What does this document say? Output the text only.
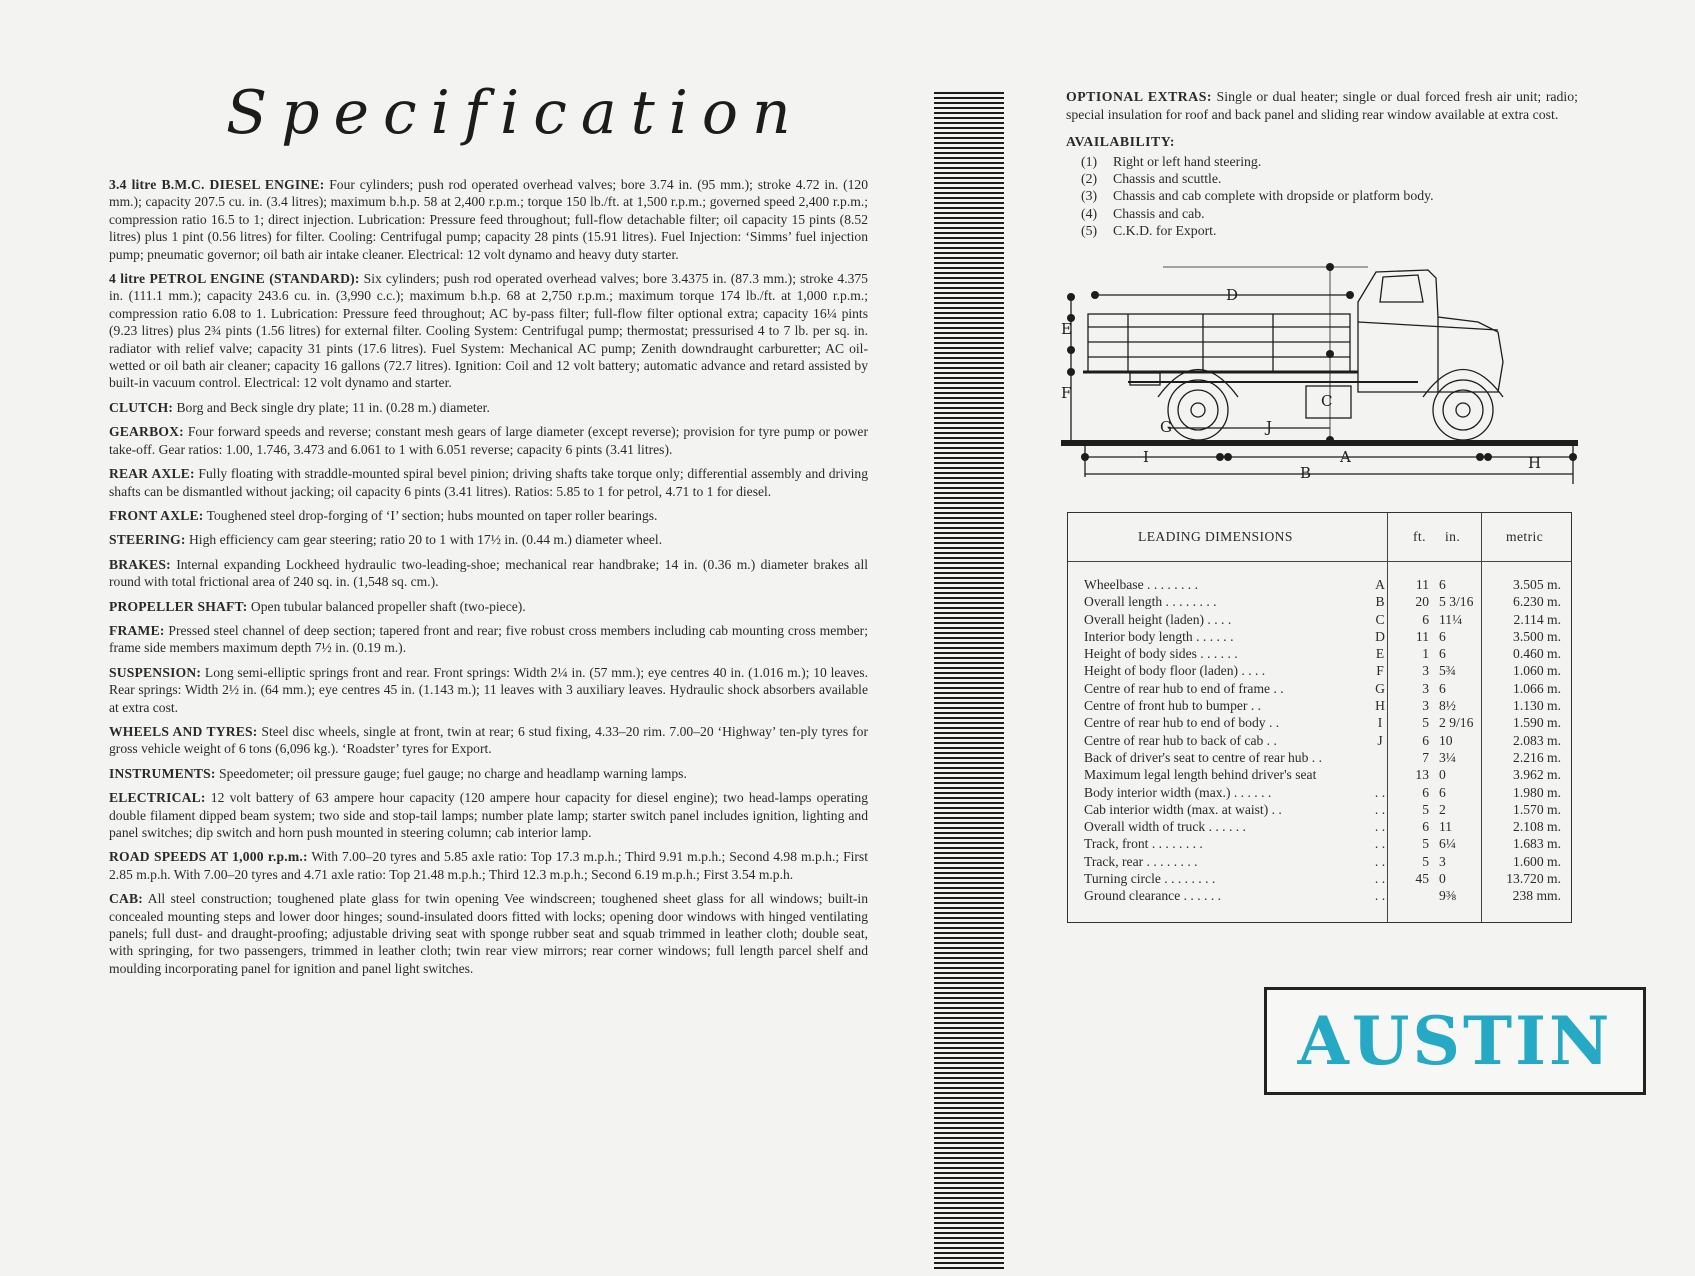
Specification

3.4 litre B.M.C. DIESEL ENGINE: Four cylinders; push rod operated overhead valves; bore 3.74 in. (95 mm.); stroke 4.72 in. (120 mm.); capacity 207.5 cu. in. (3.4 litres); maximum b.h.p. 58 at 2,400 r.p.m.; torque 150 lb./ft. at 1,500 r.p.m.; governed speed 2,400 r.p.m.; compression ratio 16.5 to 1; direct injection. Lubrication: Pressure feed throughout; full-flow detachable filter; oil capacity 15 pints (8.52 litres) plus 1 pint (0.56 litres) for filter. Cooling: Centrifugal pump; capacity 28 pints (15.91 litres). Fuel Injection: ‘Simms’ fuel injection pump; pneumatic governor; oil bath air intake cleaner. Electrical: 12 volt dynamo and heavy duty starter.

4 litre PETROL ENGINE (STANDARD): Six cylinders; push rod operated overhead valves; bore 3.4375 in. (87.3 mm.); stroke 4.375 in. (111.1 mm.); capacity 243.6 cu. in. (3,990 c.c.); maximum b.h.p. 68 at 2,750 r.p.m.; maximum torque 174 lb./ft. at 1,000 r.p.m.; compression ratio 6.08 to 1. Lubrication: Pressure feed throughout; AC by-pass filter; full-flow filter optional extra; capacity 16¼ pints (9.23 litres) plus 2¾ pints (1.56 litres) for external filter. Cooling System: Centrifugal pump; thermostat; pressurised 4 to 7 lb. per sq. in. radiator with relief valve; capacity 31 pints (17.6 litres). Fuel System: Mechanical AC pump; Zenith downdraught carburetter; AC oil-wetted or oil bath air cleaner; capacity 16 gallons (72.7 litres). Ignition: Coil and 12 volt battery; automatic advance and retard assisted by built-in vacuum control. Electrical: 12 volt dynamo and starter.

CLUTCH: Borg and Beck single dry plate; 11 in. (0.28 m.) diameter.

GEARBOX: Four forward speeds and reverse; constant mesh gears of large diameter (except reverse); provision for tyre pump or power take-off. Gear ratios: 1.00, 1.746, 3.473 and 6.061 to 1 with 6.051 reverse; capacity 6 pints (3.41 litres).

REAR AXLE: Fully floating with straddle-mounted spiral bevel pinion; driving shafts take torque only; differential assembly and driving shafts can be dismantled without jacking; oil capacity 6 pints (3.41 litres). Ratios: 5.85 to 1 for petrol, 4.71 to 1 for diesel.

FRONT AXLE: Toughened steel drop-forging of ‘I’ section; hubs mounted on taper roller bearings.

STEERING: High efficiency cam gear steering; ratio 20 to 1 with 17½ in. (0.44 m.) diameter wheel.

BRAKES: Internal expanding Lockheed hydraulic two-leading-shoe; mechanical rear handbrake; 14 in. (0.36 m.) diameter brakes all round with total frictional area of 240 sq. in. (1,548 sq. cm.).

PROPELLER SHAFT: Open tubular balanced propeller shaft (two-piece).

FRAME: Pressed steel channel of deep section; tapered front and rear; five robust cross members including cab mounting cross member; frame side members maximum depth 7½ in. (0.19 m.).

SUSPENSION: Long semi-elliptic springs front and rear. Front springs: Width 2¼ in. (57 mm.); eye centres 40 in. (1.016 m.); 10 leaves. Rear springs: Width 2½ in. (64 mm.); eye centres 45 in. (1.143 m.); 11 leaves with 3 auxiliary leaves. Hydraulic shock absorbers available at extra cost.

WHEELS AND TYRES: Steel disc wheels, single at front, twin at rear; 6 stud fixing, 4.33–20 rim. 7.00–20 ‘Highway’ ten-ply tyres for gross vehicle weight of 6 tons (6,096 kg.). ‘Roadster’ tyres for Export.

INSTRUMENTS: Speedometer; oil pressure gauge; fuel gauge; no charge and headlamp warning lamps.

ELECTRICAL: 12 volt battery of 63 ampere hour capacity (120 ampere hour capacity for diesel engine); two head-lamps operating double filament dipped beam system; two side and stop-tail lamps; number plate lamp; starter switch panel includes ignition, lighting and panel switches; dip switch and horn push mounted in steering column; cab interior lamp.

ROAD SPEEDS AT 1,000 r.p.m.: With 7.00–20 tyres and 5.85 axle ratio: Top 17.3 m.p.h.; Third 9.91 m.p.h.; Second 4.98 m.p.h.; First 2.85 m.p.h. With 7.00–20 tyres and 4.71 axle ratio: Top 21.48 m.p.h.; Third 12.3 m.p.h.; Second 6.19 m.p.h.; First 3.54 m.p.h.

CAB: All steel construction; toughened plate glass for twin opening Vee windscreen; toughened sheet glass for all windows; built-in concealed mounting steps and lower door hinges; sound-insulated doors fitted with locks; opening door windows with hinged ventilating panels; full dust- and draught-proofing; adjustable driving seat with sponge rubber seat and squab trimmed in leather cloth; double seat, with springing, for two passengers, trimmed in leather cloth; twin rear view mirrors; rear corner windows; full length parcel shelf and moulding incorporating panel for ignition and panel light switches.

OPTIONAL EXTRAS: Single or dual heater; single or dual forced fresh air unit; radio; special insulation for roof and back panel and sliding rear window available at extra cost.

AVAILABILITY:
(1)	Right or left hand steering.
(2)	Chassis and scuttle.
(3)	Chassis and cab complete with dropside or platform body.
(4)	Chassis and cab.
(5)	C.K.D. for Export.
D
E
F	C
G	J
I	A	H
B
LEADING DIMENSIONS	ft. in.	metric
Wheelbase . . . . . . . .	A	11 6	3.505 m.
Overall length . . . . . . . .	B	20 5 3/16	6.230 m.
Overall height (laden) . . . .	C	6 11¼	2.114 m.
Interior body length . . . . . .	D	11 6	3.500 m.
Height of body sides . . . . . .	E	1 6	0.460 m.
Height of body floor (laden) . . . .	F	3 5¾	1.060 m.
Centre of rear hub to end of frame . .	G	3 6	1.066 m.
Centre of front hub to bumper . .	H	3 8½	1.130 m.
Centre of rear hub to end of body . .	I	5 2 9/16	1.590 m.
Centre of rear hub to back of cab . .	J	6 10	2.083 m.
Back of driver's seat to centre of rear hub . .	7 3¼	2.216 m.
Maximum legal length behind driver's seat	13 0	3.962 m.
Body interior width (max.) . . . . . .	. .	6 6	1.980 m.
Cab interior width (max. at waist) . .	. .	5 2	1.570 m.
Overall width of truck . . . . . .	. .	6 11	2.108 m.
Track, front . . . . . . . .	. .	5 6¼	1.683 m.
Track, rear . . . . . . . .	. .	5 3	1.600 m.
Turning circle . . . . . . . .	. .	45 0	13.720 m.
Ground clearance . . . . . .	. .	9⅜	238 mm.
AUSTIN
